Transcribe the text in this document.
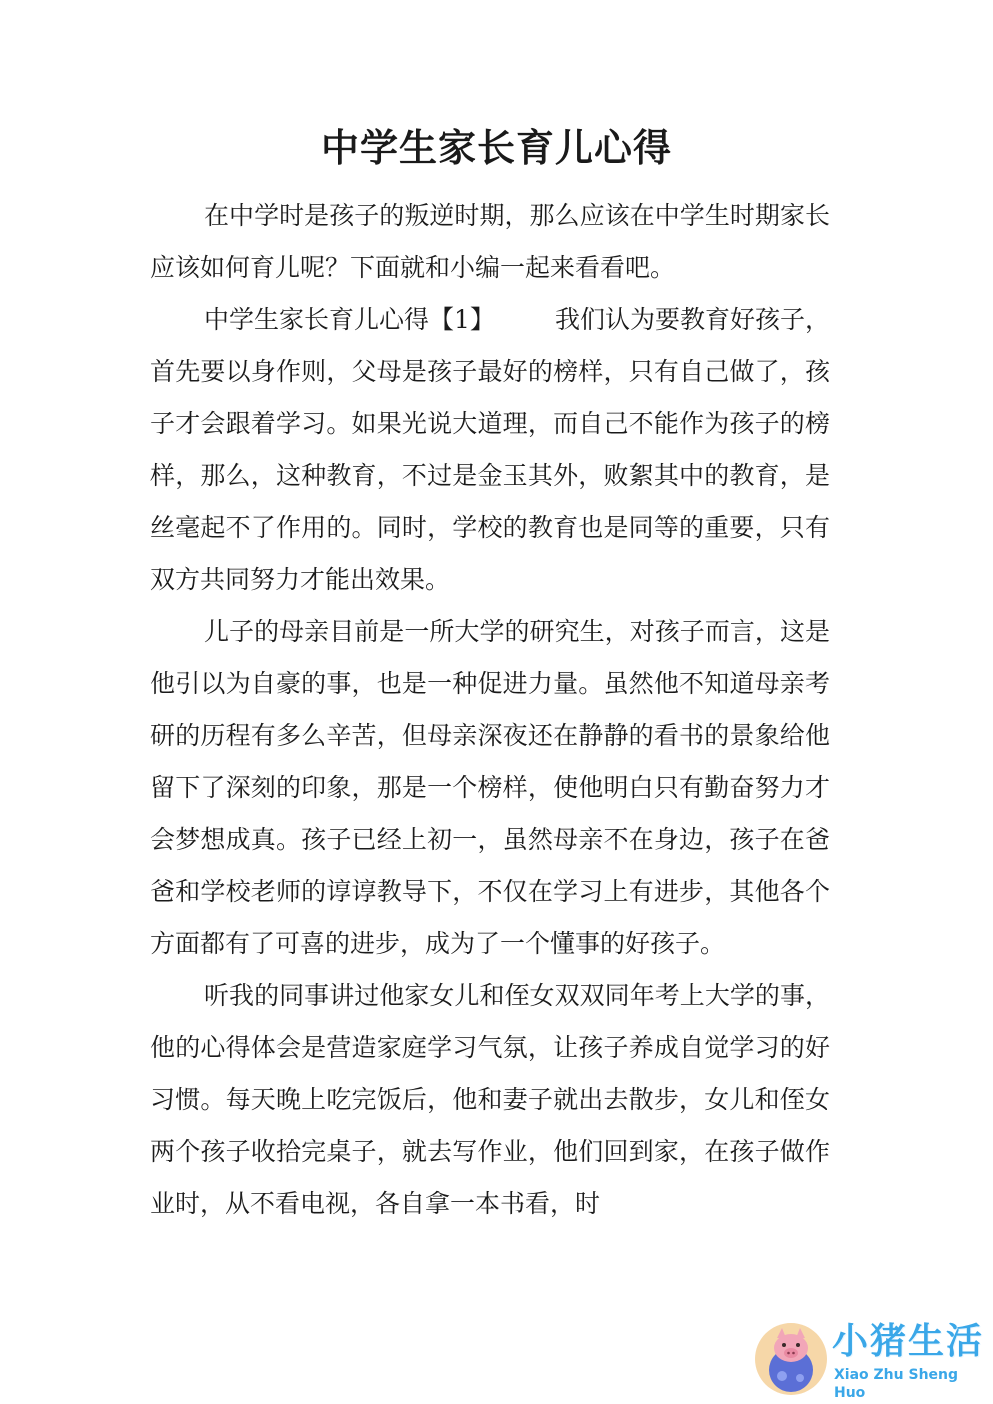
中学生家长育儿心得

在中学时是孩子的叛逆时期，那么应该在中学生时期家长应该如何育儿呢？下面就和小编一起来看看吧。

中学生家长育儿心得【1】 我们认为要教育好孩子，首先要以身作则，父母是孩子最好的榜样，只有自己做了，孩子才会跟着学习。如果光说大道理，而自己不能作为孩子的榜样，那么，这种教育，不过是金玉其外，败絮其中的教育，是丝毫起不了作用的。同时，学校的教育也是同等的重要，只有双方共同努力才能出效果。

儿子的母亲目前是一所大学的研究生，对孩子而言，这是他引以为自豪的事，也是一种促进力量。虽然他不知道母亲考研的历程有多么辛苦，但母亲深夜还在静静的看书的景象给他留下了深刻的印象，那是一个榜样，使他明白只有勤奋努力才会梦想成真。孩子已经上初一，虽然母亲不在身边，孩子在爸爸和学校老师的谆谆教导下，不仅在学习上有进步，其他各个方面都有了可喜的进步，成为了一个懂事的好孩子。

听我的同事讲过他家女儿和侄女双双同年考上大学的事，他的心得体会是营造家庭学习气氛，让孩子养成自觉学习的好习惯。每天晚上吃完饭后，他和妻子就出去散步，女儿和侄女两个孩子收拾完桌子，就去写作业，他们回到家，在孩子做作业时，从不看电视，各自拿一本书看，时

小猪生活
Xiao Zhu Sheng Huo
